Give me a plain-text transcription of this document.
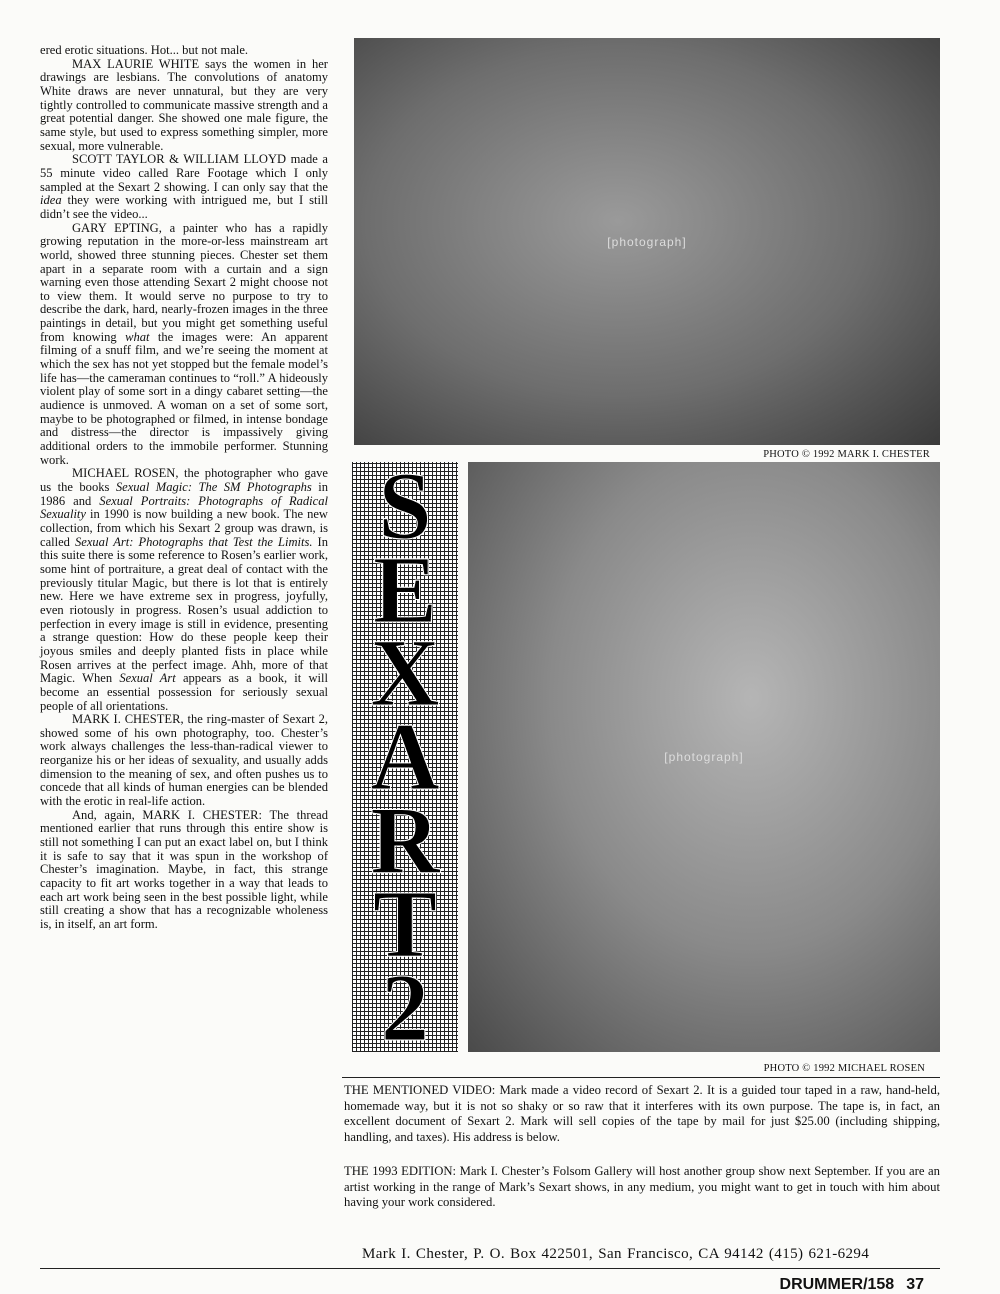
ered erotic situations. Hot... but not male.

MAX LAURIE WHITE says the women in her drawings are lesbians. The convolutions of anatomy White draws are never unnatural, but they are very tightly controlled to communicate massive strength and a great potential danger. She showed one male figure, the same style, but used to express something simpler, more sexual, more vulnerable.

SCOTT TAYLOR & WILLIAM LLOYD made a 55 minute video called Rare Footage which I only sampled at the Sexart 2 showing. I can only say that the idea they were working with intrigued me, but I still didn’t see the video...

GARY EPTING, a painter who has a rapidly growing reputation in the more-or-less mainstream art world, showed three stunning pieces. Chester set them apart in a separate room with a curtain and a sign warning even those attending Sexart 2 might choose not to view them. It would serve no purpose to try to describe the dark, hard, nearly-frozen images in the three paintings in detail, but you might get something useful from knowing what the images were: An apparent filming of a snuff film, and we’re seeing the moment at which the sex has not yet stopped but the female model’s life has—the cameraman continues to “roll.” A hideously violent play of some sort in a dingy cabaret setting—the audience is unmoved. A woman on a set of some sort, maybe to be photographed or filmed, in intense bondage and distress—the director is impassively giving additional orders to the immobile performer. Stunning work.

MICHAEL ROSEN, the photographer who gave us the books Sexual Magic: The SM Photographs in 1986 and Sexual Portraits: Photographs of Radical Sexuality in 1990 is now building a new book. The new collection, from which his Sexart 2 group was drawn, is called Sexual Art: Photographs that Test the Limits. In this suite there is some reference to Rosen’s earlier work, some hint of portraiture, a great deal of contact with the previously titular Magic, but there is lot that is entirely new. Here we have extreme sex in progress, joyfully, even riotously in progress. Rosen’s usual addiction to perfection in every image is still in evidence, presenting a strange question: How do these people keep their joyous smiles and deeply planted fists in place while Rosen arrives at the perfect image. Ahh, more of that Magic. When Sexual Art appears as a book, it will become an essential possession for seriously sexual people of all orientations.

MARK I. CHESTER, the ring-master of Sexart 2, showed some of his own photography, too. Chester’s work always challenges the less-than-radical viewer to reorganize his or her ideas of sexuality, and usually adds dimension to the meaning of sex, and often pushes us to concede that all kinds of human energies can be blended with the erotic in real-life action.

And, again, MARK I. CHESTER: The thread mentioned earlier that runs through this entire show is still not something I can put an exact label on, but I think it is safe to say that it was spun in the workshop of Chester’s imagination. Maybe, in fact, this strange capacity to fit art works together in a way that leads to each art work being seen in the best possible light, while still creating a show that has a recognizable wholeness is, in itself, an art form.

[photograph]
PHOTO © 1992 MARK I. CHESTER
S
E
X
A
R
T
2
[photograph]
PHOTO © 1992 MICHAEL ROSEN
THE MENTIONED VIDEO: Mark made a video record of Sexart 2. It is a guided tour taped in a raw, hand-held, homemade way, but it is not so shaky or so raw that it interferes with its own purpose. The tape is, in fact, an excellent document of Sexart 2. Mark will sell copies of the tape by mail for just $25.00 (including shipping, handling, and taxes). His address is below.
THE 1993 EDITION: Mark I. Chester’s Folsom Gallery will host another group show next September. If you are an artist working in the range of Mark’s Sexart shows, in any medium, you might want to get in touch with him about having your work considered.
Mark I. Chester, P. O. Box 422501, San Francisco, CA 94142 (415) 621-6294
DRUMMER/158 37
